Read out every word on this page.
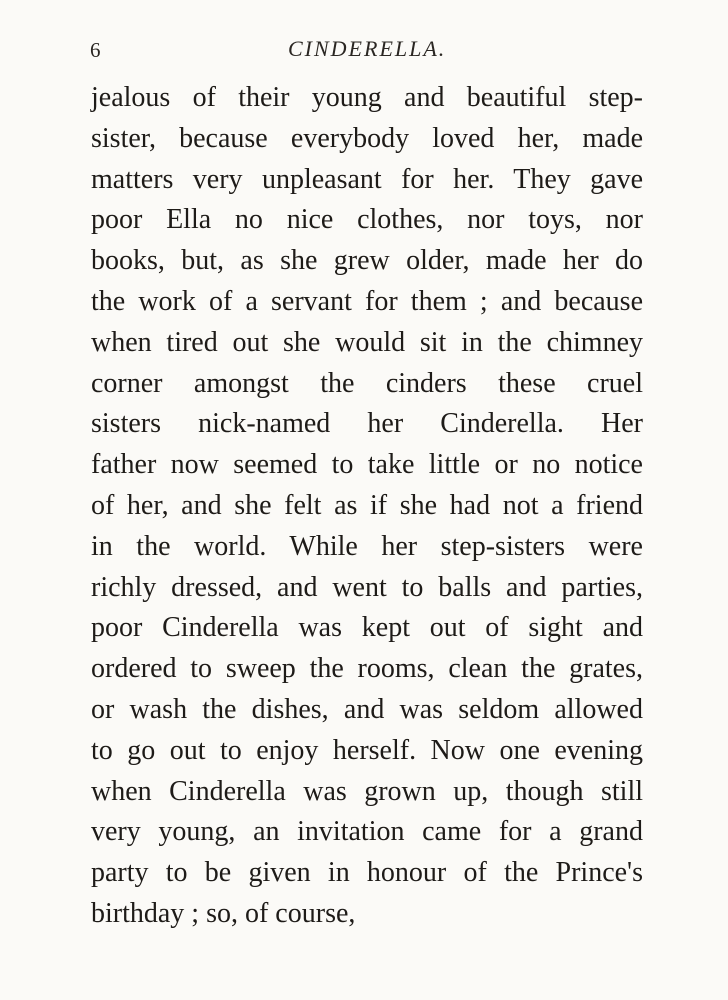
6	CINDERELLA.
jealous of their young and beautiful step-
sister, because everybody loved her, made
matters very unpleasant for her. They gave
poor Ella no nice clothes, nor toys, nor
books, but, as she grew older, made her do
the work of a servant for them ; and because
when tired out she would sit in the chimney
corner amongst the cinders these cruel
sisters nick-named her Cinderella. Her
father now seemed to take little or no notice
of her, and she felt as if she had not a friend
in the world. While her step-sisters were
richly dressed, and went to balls and parties,
poor Cinderella was kept out of sight and
ordered to sweep the rooms, clean the grates,
or wash the dishes, and was seldom allowed
to go out to enjoy herself. Now one evening
when Cinderella was grown up, though still
very young, an invitation came for a grand
party to be given in honour of the Prince's
birthday ; so, of course,
